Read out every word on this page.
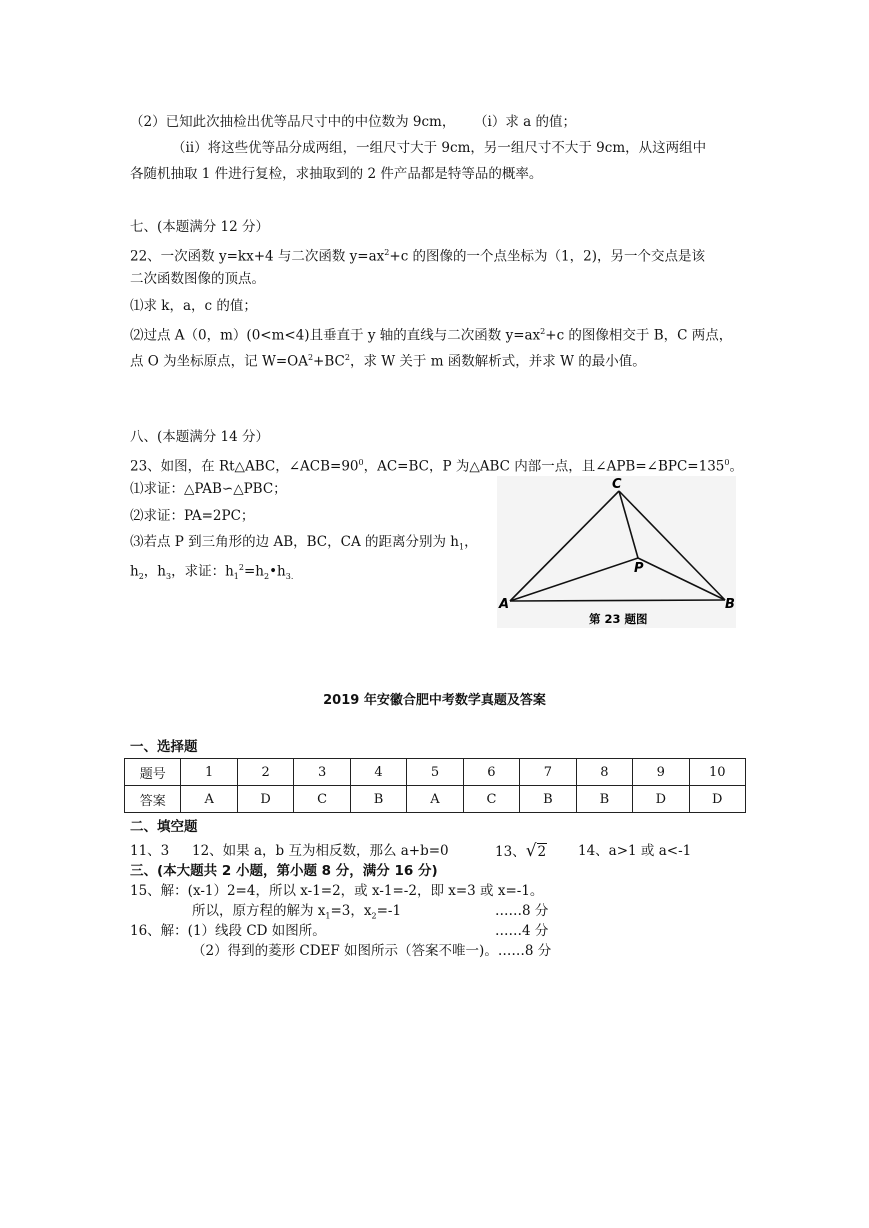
（2）已知此次抽检出优等品尺寸中的中位数为 9cm， （ⅰ）求 a 的值；
（ⅱ）将这些优等品分成两组，一组尺寸大于 9cm，另一组尺寸不大于 9cm，从这两组中
各随机抽取 1 件进行复检，求抽取到的 2 件产品都是特等品的概率。
七、(本题满分 12 分）
22、一次函数 y=kx+4 与二次函数 $y=ax^2+c$ 的图像的一个点坐标为（1，2)，另一个交点是该
二次函数图像的顶点。
⑴求 k，a，c 的值；
⑵过点 A（0，m）(0<m<4)且垂直于 y 轴的直线与二次函数 $y=ax^2+c$ 的图像相交于 B，C 两点，
点 O 为坐标原点，记 $W=OA^2+BC^2$，求 W 关于 m 函数解析式，并求 W 的最小值。
八、(本题满分 14 分）
23、如图，在 Rt△ABC，$\angle ACB=90^0$，AC=BC，P 为△ABC 内部一点，且$\angle APB=\angle BPC=135^0$。
⑴求证：△PAB∽△PBC；
⑵求证：PA=2PC；
⑶若点 P 到三角形的边 AB，BC，CA 的距离分别为 $h_1$，
$h_2$，$h_3$，求证：$h_1^2=h_2•h_{3.}$
C
P
A	B
第 23 题图
2019 年安徽合肥中考数学真题及答案
一、选择题
题号	1	2	3	4	5	6	7	8	9	10
答案	A	D	C	B	A	C	B	B	D	D
二、填空题
11、3 12、如果 a，b 互为相反数，那么 a+b=0	13、√2 14、a>1 或 a<-1
三、(本大题共 2 小题，第小题 8 分，满分 16 分)
15、解：(x-1）2=4，所以 x-1=2，或 x-1=-2，即 x=3 或 x=-1。
所以，原方程的解为 $x_1=3$，$x_2=-1$	……8 分
16、解：(1）线段 CD 如图所。	……4 分
（2）得到的菱形 CDEF 如图所示（答案不唯一)。……8 分
